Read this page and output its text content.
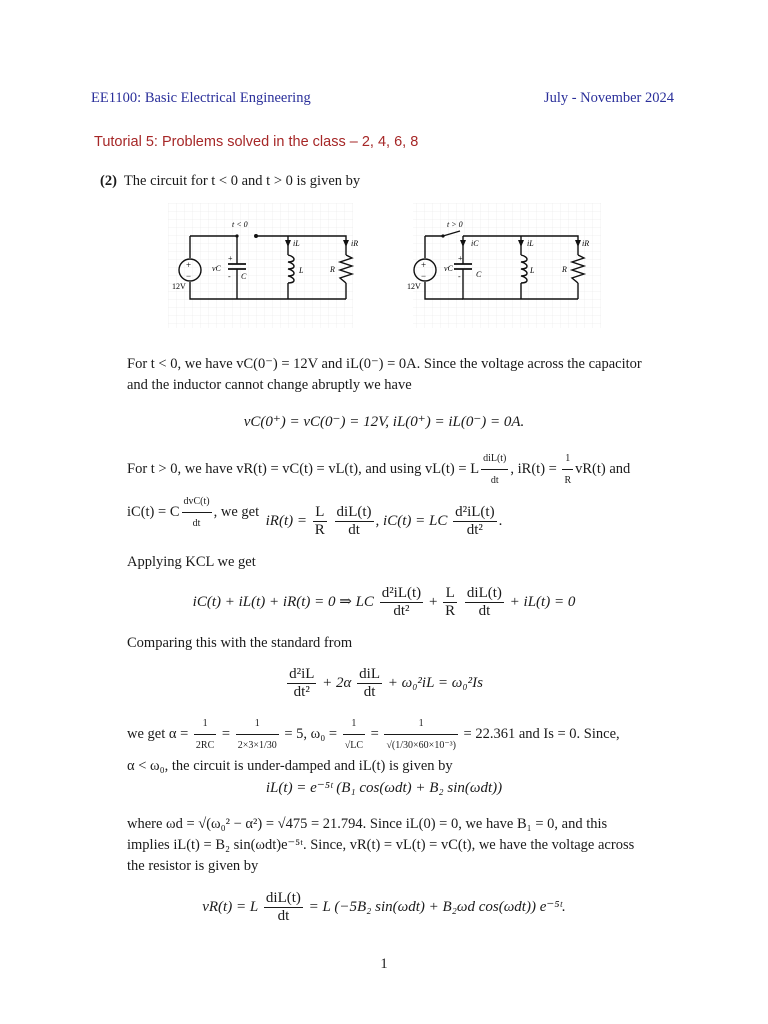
EE1100: Basic Electrical Engineering	July - November 2024
Tutorial 5: Problems solved in the class – 2, 4, 6, 8
(2) The circuit for t < 0 and t > 0 is given by
t < 0
+
−
12V
vC
+
- C
iL
L
iR
R
t > 0
+
−
12V
vC
+
- C
iC	iL
L
iR
R
For t < 0, we have vC(0⁻) = 12V and iL(0⁻) = 0A. Since the voltage across the capacitor
and the inductor cannot change abruptly we have
vC(0⁺) = vC(0⁻) = 12V, iL(0⁺) = iL(0⁻) = 0A.
For t > 0, we have vR(t) = vC(t) = vL(t), and using vL(t) = L $\frac{\text{diL(t)}}{dt}$ , $iR(t) = \frac{1}{R} vR(t)$ and
iC(t) = C $\frac{\text{dvC(t)}}{dt}$ , we get
$iR(t) = \frac{L}{R}$
$\frac{\text{diL(t)}}{dt}$ , iC(t) = LC $\frac{\text{d²iL(t)}}{\text{dt²}}$ .
Applying KCL we get
iC(t) + iL(t) + iR(t) = 0 ⇒ LC $\frac{\text{d²iL(t)}}{\text{dt²}} + \frac{L}{R}$
$\frac{\text{diL(t)}}{dt} + iL(t) = 0$
Comparing this with the standard from
$\frac{\text{d²iL}}{\text{dt²}} + 2\alpha \frac{\text{diL}}{dt} + \omega_0^2iL = \omega_0^2Is$
we get $\alpha = \frac{1}{2RC} = \frac{1}{2\times 3\times 1/30} = 5$, $\omega_0 = \frac{1}{√LC} = \frac{1}{\text{√(1/30×60×10⁻³)}} = 22.361$ and Is = 0. Since,
α < ω₀, the circuit is under-damped and iL(t) is given by
iL(t) = e⁻⁵ᵗ (B₁ cos(ωdt) + B₂ sin(ωdt))
where ωd = √(ω₀² − α²) = √475 = 21.794. Since iL(0) = 0, we have B₁ = 0, and this
implies iL(t) = B₂ sin(ωdt)e⁻⁵ᵗ. Since, vR(t) = vL(t) = vC(t), we have the voltage across
the resistor is given by
vR(t) = L $\frac{\text{diL(t)}}{dt} = L$ (−5B₂ sin(ωdt) + B₂ωd cos(ωdt)) e⁻⁵ᵗ.
1
